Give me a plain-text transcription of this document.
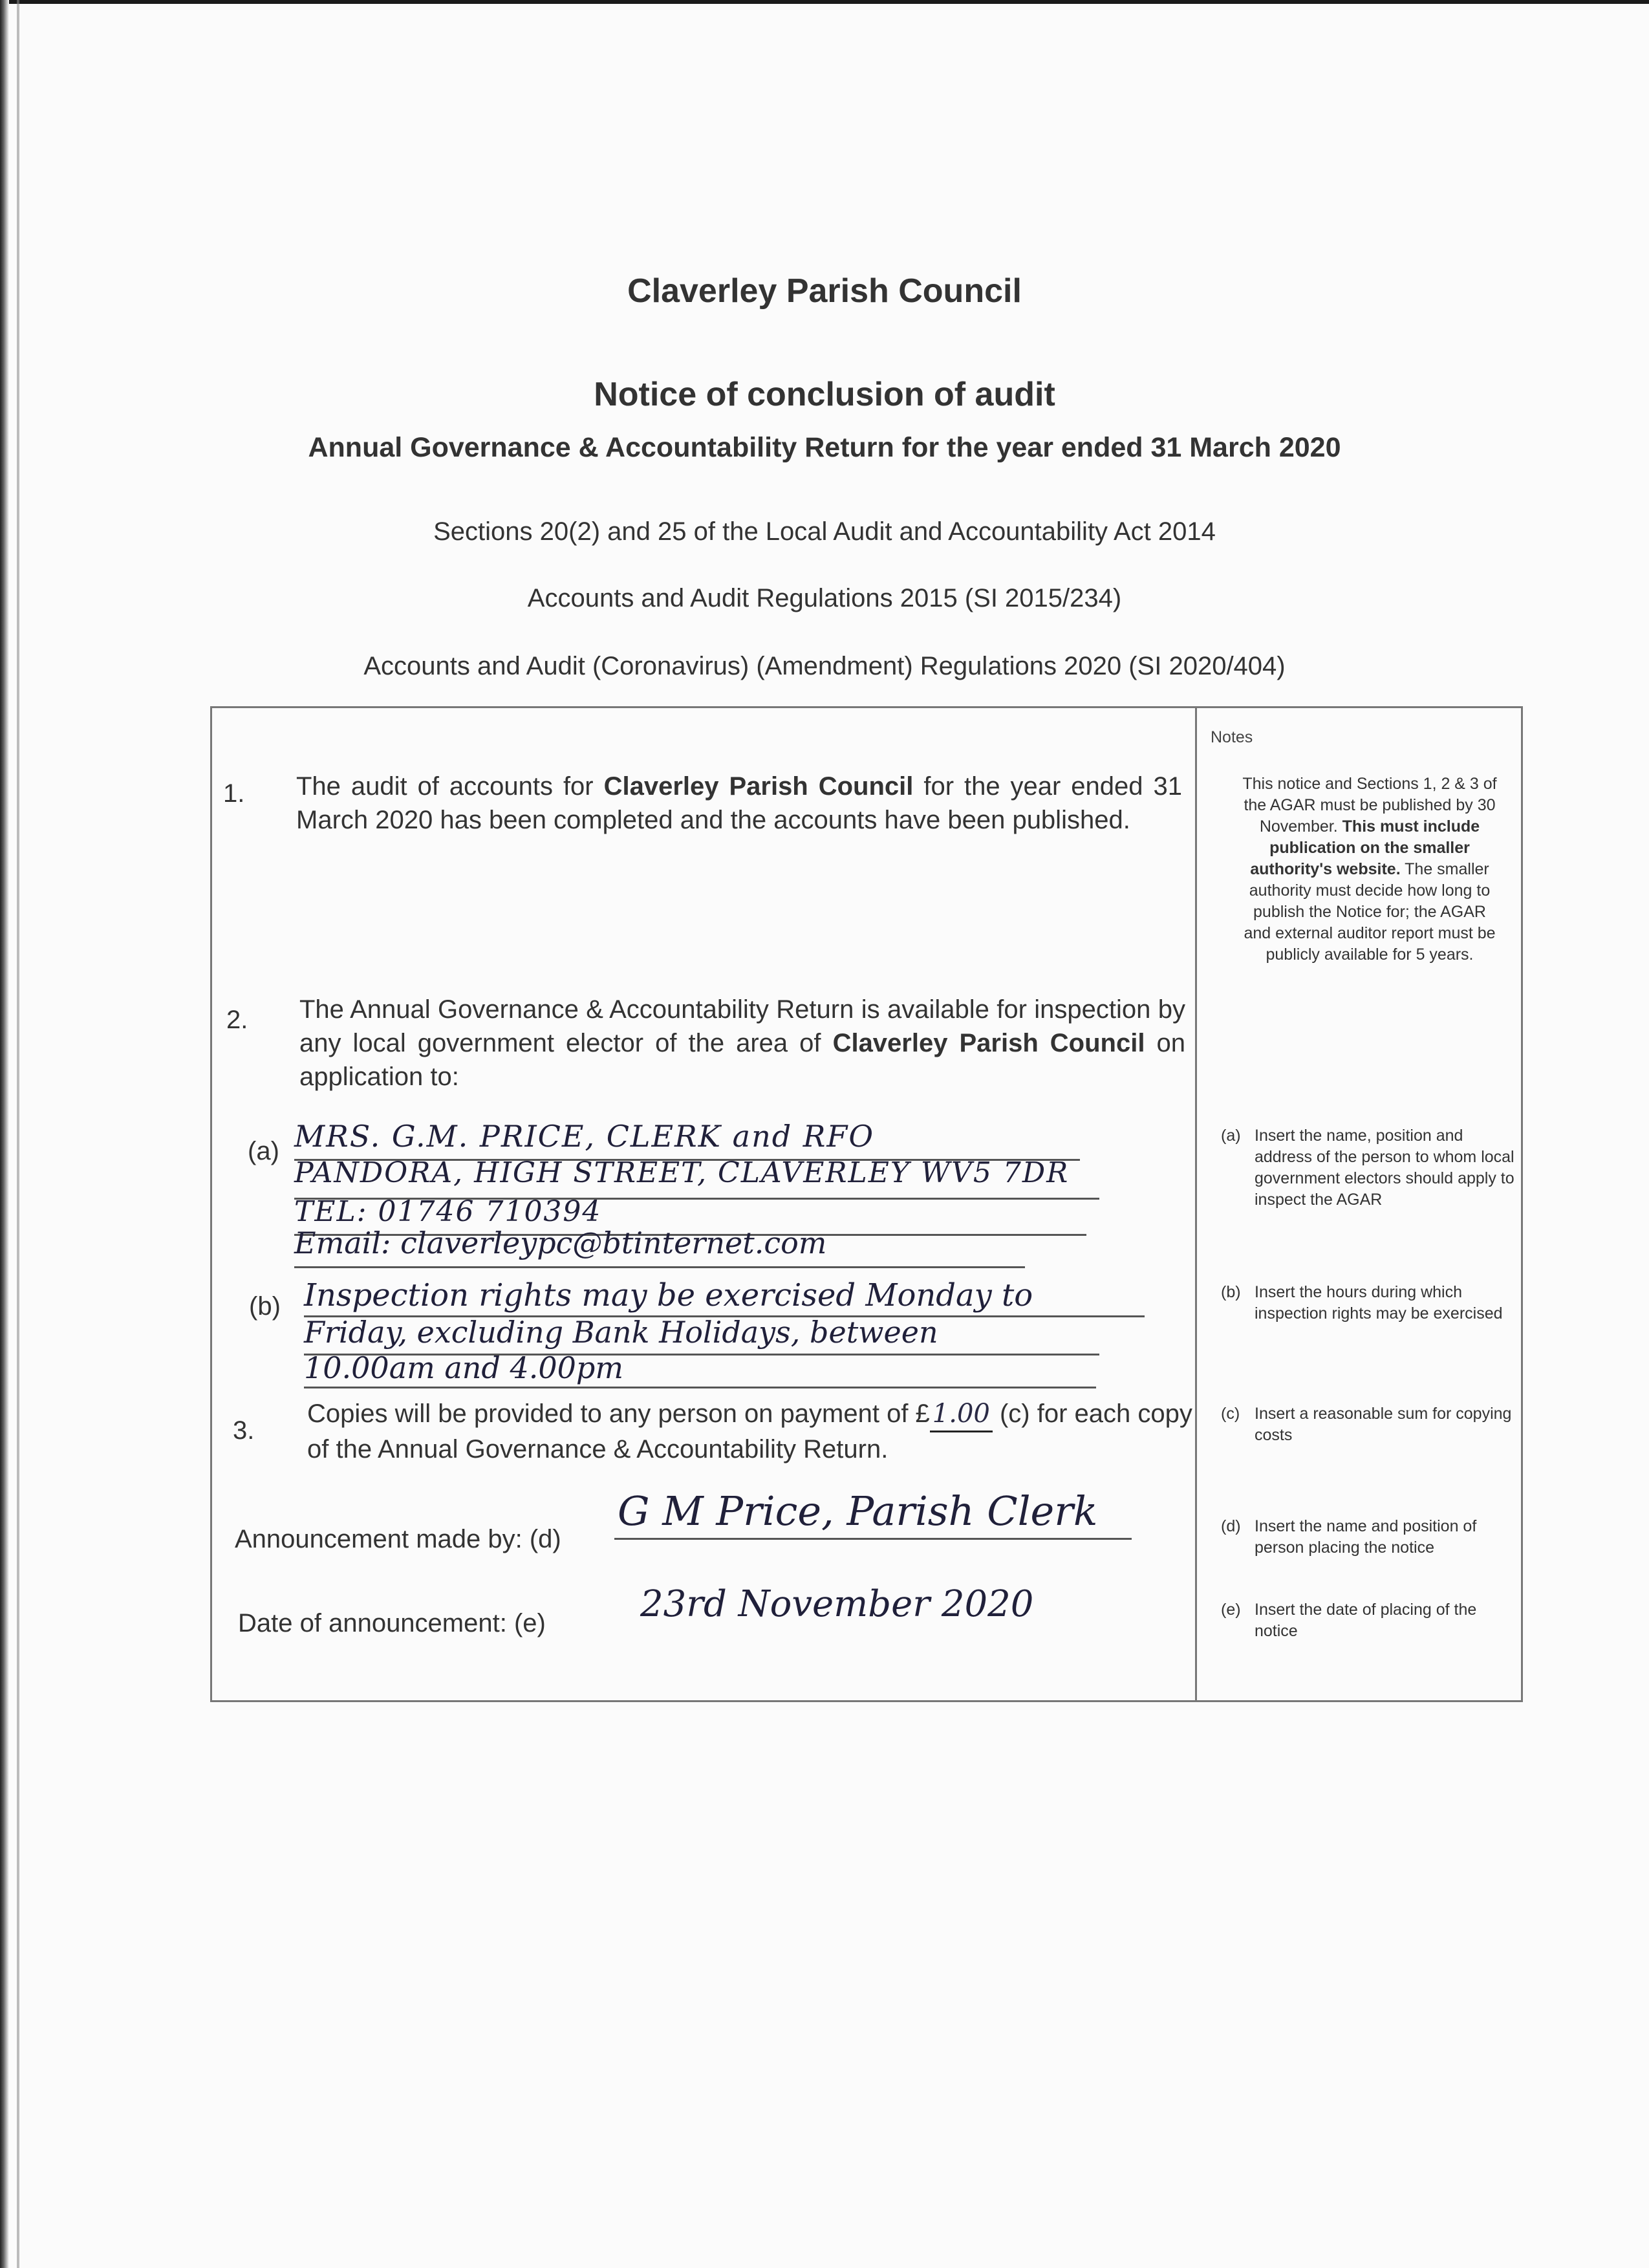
Claverley Parish Council
Notice of conclusion of audit
Annual Governance & Accountability Return for the year ended 31 March 2020
Sections 20(2) and 25 of the Local Audit and Accountability Act 2014
Accounts and Audit Regulations 2015 (SI 2015/234)
Accounts and Audit (Coronavirus) (Amendment) Regulations 2020 (SI 2020/404)
Notes
This notice and Sections 1, 2 & 3 of the AGAR must be published by 30 November. This must include publication on the smaller authority's website. The smaller authority must decide how long to publish the Notice for; the AGAR and external auditor report must be publicly available for 5 years.
(a) Insert the name, position and address of the person to whom local government electors should apply to inspect the AGAR
(b) Insert the hours during which inspection rights may be exercised
(c) Insert a reasonable sum for copying costs
(d) Insert the name and position of person placing the notice
(e) Insert the date of placing of the notice
1. The audit of accounts for Claverley Parish Council for the year ended 31 March 2020 has been completed and the accounts have been published.
2. The Annual Governance & Accountability Return is available for inspection by any local government elector of the area of Claverley Parish Council on application to:
(a) MRS. G.M. PRICE, CLERK and RFO
PANDORA, HIGH STREET, CLAVERLEY WV5 7DR
TEL: 01746 710394
Email: claverleypc@btinternet.com
(b) Inspection rights may be exercised Monday to
Friday, excluding Bank Holidays, between
10.00am and 4.00pm
3.
Copies will be provided to any person on payment of £ 1.00 (c) for each copy of the Annual Governance & Accountability Return.
Announcement made by: (d)
G M Price, Parish Clerk
Date of announcement: (e)	23rd November 2020
